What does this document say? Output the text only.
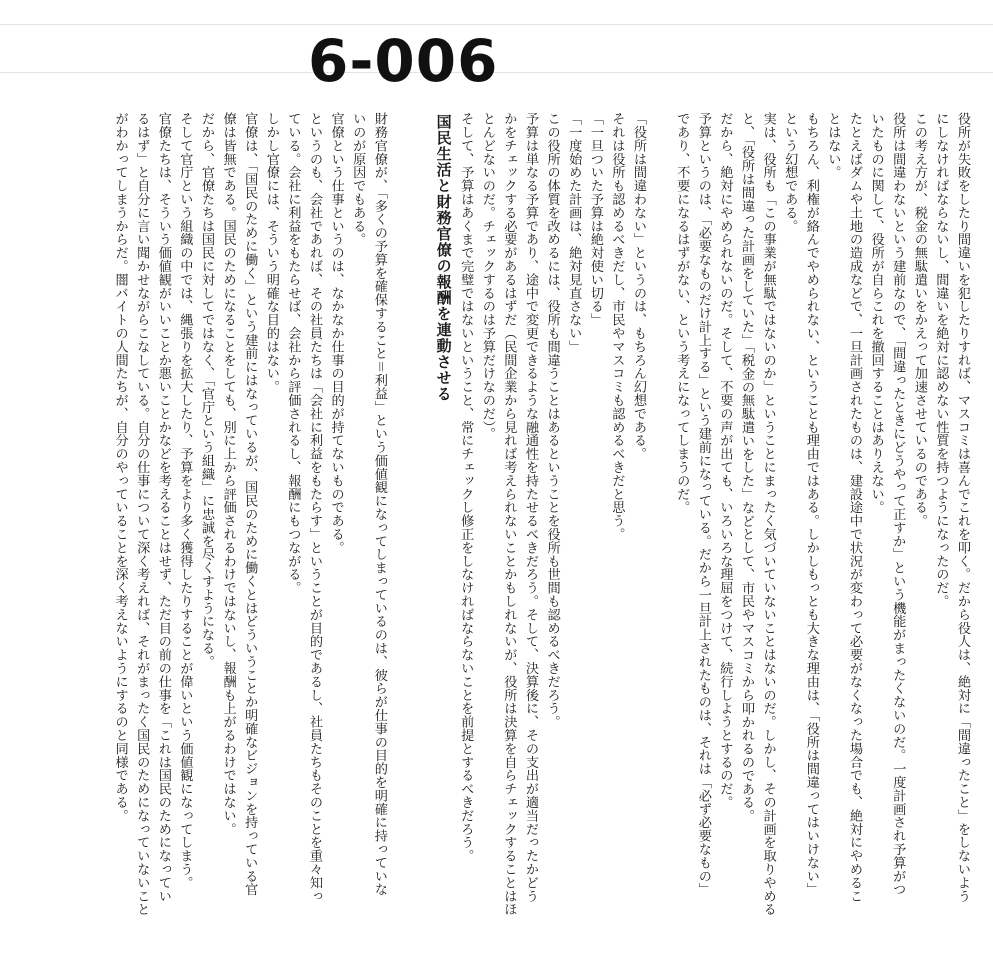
6-006
役所が失敗をしたり間違いを犯したりすれば、マスコミは喜んでこれを叩く。だから役人は、絶対に「間違ったこと」をしないよう
にしなければならないし、間違いを絶対に認めない性質を持つようになったのだ。
この考え方が、税金の無駄遣いをかえって加速させているのである。
役所は間違わないという建前なので、「間違ったときにどうやって正すか」という機能がまったくないのだ。一度計画され予算がつ
いたものに関して、役所が自らこれを撤回することはありえない。
たとえばダムや土地の造成などで、一旦計画されたものは、建設途中で状況が変わって必要がなくなった場合でも、絶対にやめるこ
とはない。
もちろん、利権が絡んでやめられない、ということも理由ではある。しかしもっとも大きな理由は、「役所は間違ってはいけない」
という幻想である。
実は、役所も「この事業が無駄ではないのか」ということにまったく気づいていないことはないのだ。しかし、その計画を取りやめる
と、「役所は間違った計画をしていた」「税金の無駄遣いをした」などとして、市民やマスコミから叩かれるのである。
だから、絶対にやめられないのだ。そして、不要の声が出ても、いろいろな理屈をつけて、続行しようとするのだ。
予算というのは、「必要なものだけ計上する」という建前になっている。だから一旦計上されたものは、それは「必ず必要なもの」
であり、不要になるはずがない、という考えになってしまうのだ。
「役所は間違わない」というのは、もちろん幻想である。
それは役所も認めるべきだし、市民やマスコミも認めるべきだと思う。
「一旦ついた予算は絶対使い切る」
「一度始めた計画は、絶対見直さない」
この役所の体質を改めるには、役所も間違うことはあるということを役所も世間も認めるべきだろう。
予算は単なる予算であり、途中で変更できるような融通性を持たせるべきだろう。そして、決算後に、その支出が適当だったかどう
かをチェックする必要があるはずだ（民間企業から見れば考えられないことかもしれないが、役所は決算を自らチェックすることはほ
とんどないのだ。チェックするのは予算だけなのだ）。
そして、予算はあくまで完璧ではないということ、常にチェックし修正をしなければならないことを前提とするべきだろう。
国民生活と財務官僚の報酬を連動させる
財務官僚が、「多くの予算を確保すること＝利益」という価値観になってしまっているのは、彼らが仕事の目的を明確に持っていな
いのが原因でもある。
官僚という仕事というのは、なかなか仕事の目的が持てないものである。
というのも、会社であれば、その社員たちは「会社に利益をもたらす」ということが目的であるし、社員たちもそのことを重々知っ
ている。会社に利益をもたらせば、会社から評価されるし、報酬にもつながる。
しかし官僚には、そういう明確な目的はない。
官僚は、「国民のために働く」という建前にはなっているが、国民のために働くとはどういうことか明確なビジョンを持っている官
僚は皆無である。国民のためになることをしても、別に上から評価されるわけではないし、報酬も上がるわけではない。
だから、官僚たちは国民に対してではなく、「官庁という組織」に忠誠を尽くすようになる。
そして官庁という組織の中では、縄張りを拡大したり、予算をより多く獲得したりすることが偉いという価値観になってしまう。
官僚たちは、そういう価値観がいいことか悪いことかなどを考えることはせず、ただ目の前の仕事を「これは国民のためになってい
るはず」と自分に言い聞かせながらこなしている。自分の仕事について深く考えれば、それがまったく国民のためになっていないこと
がわかってしまうからだ。闇バイトの人間たちが、自分のやっていることを深く考えないようにするのと同様である。
